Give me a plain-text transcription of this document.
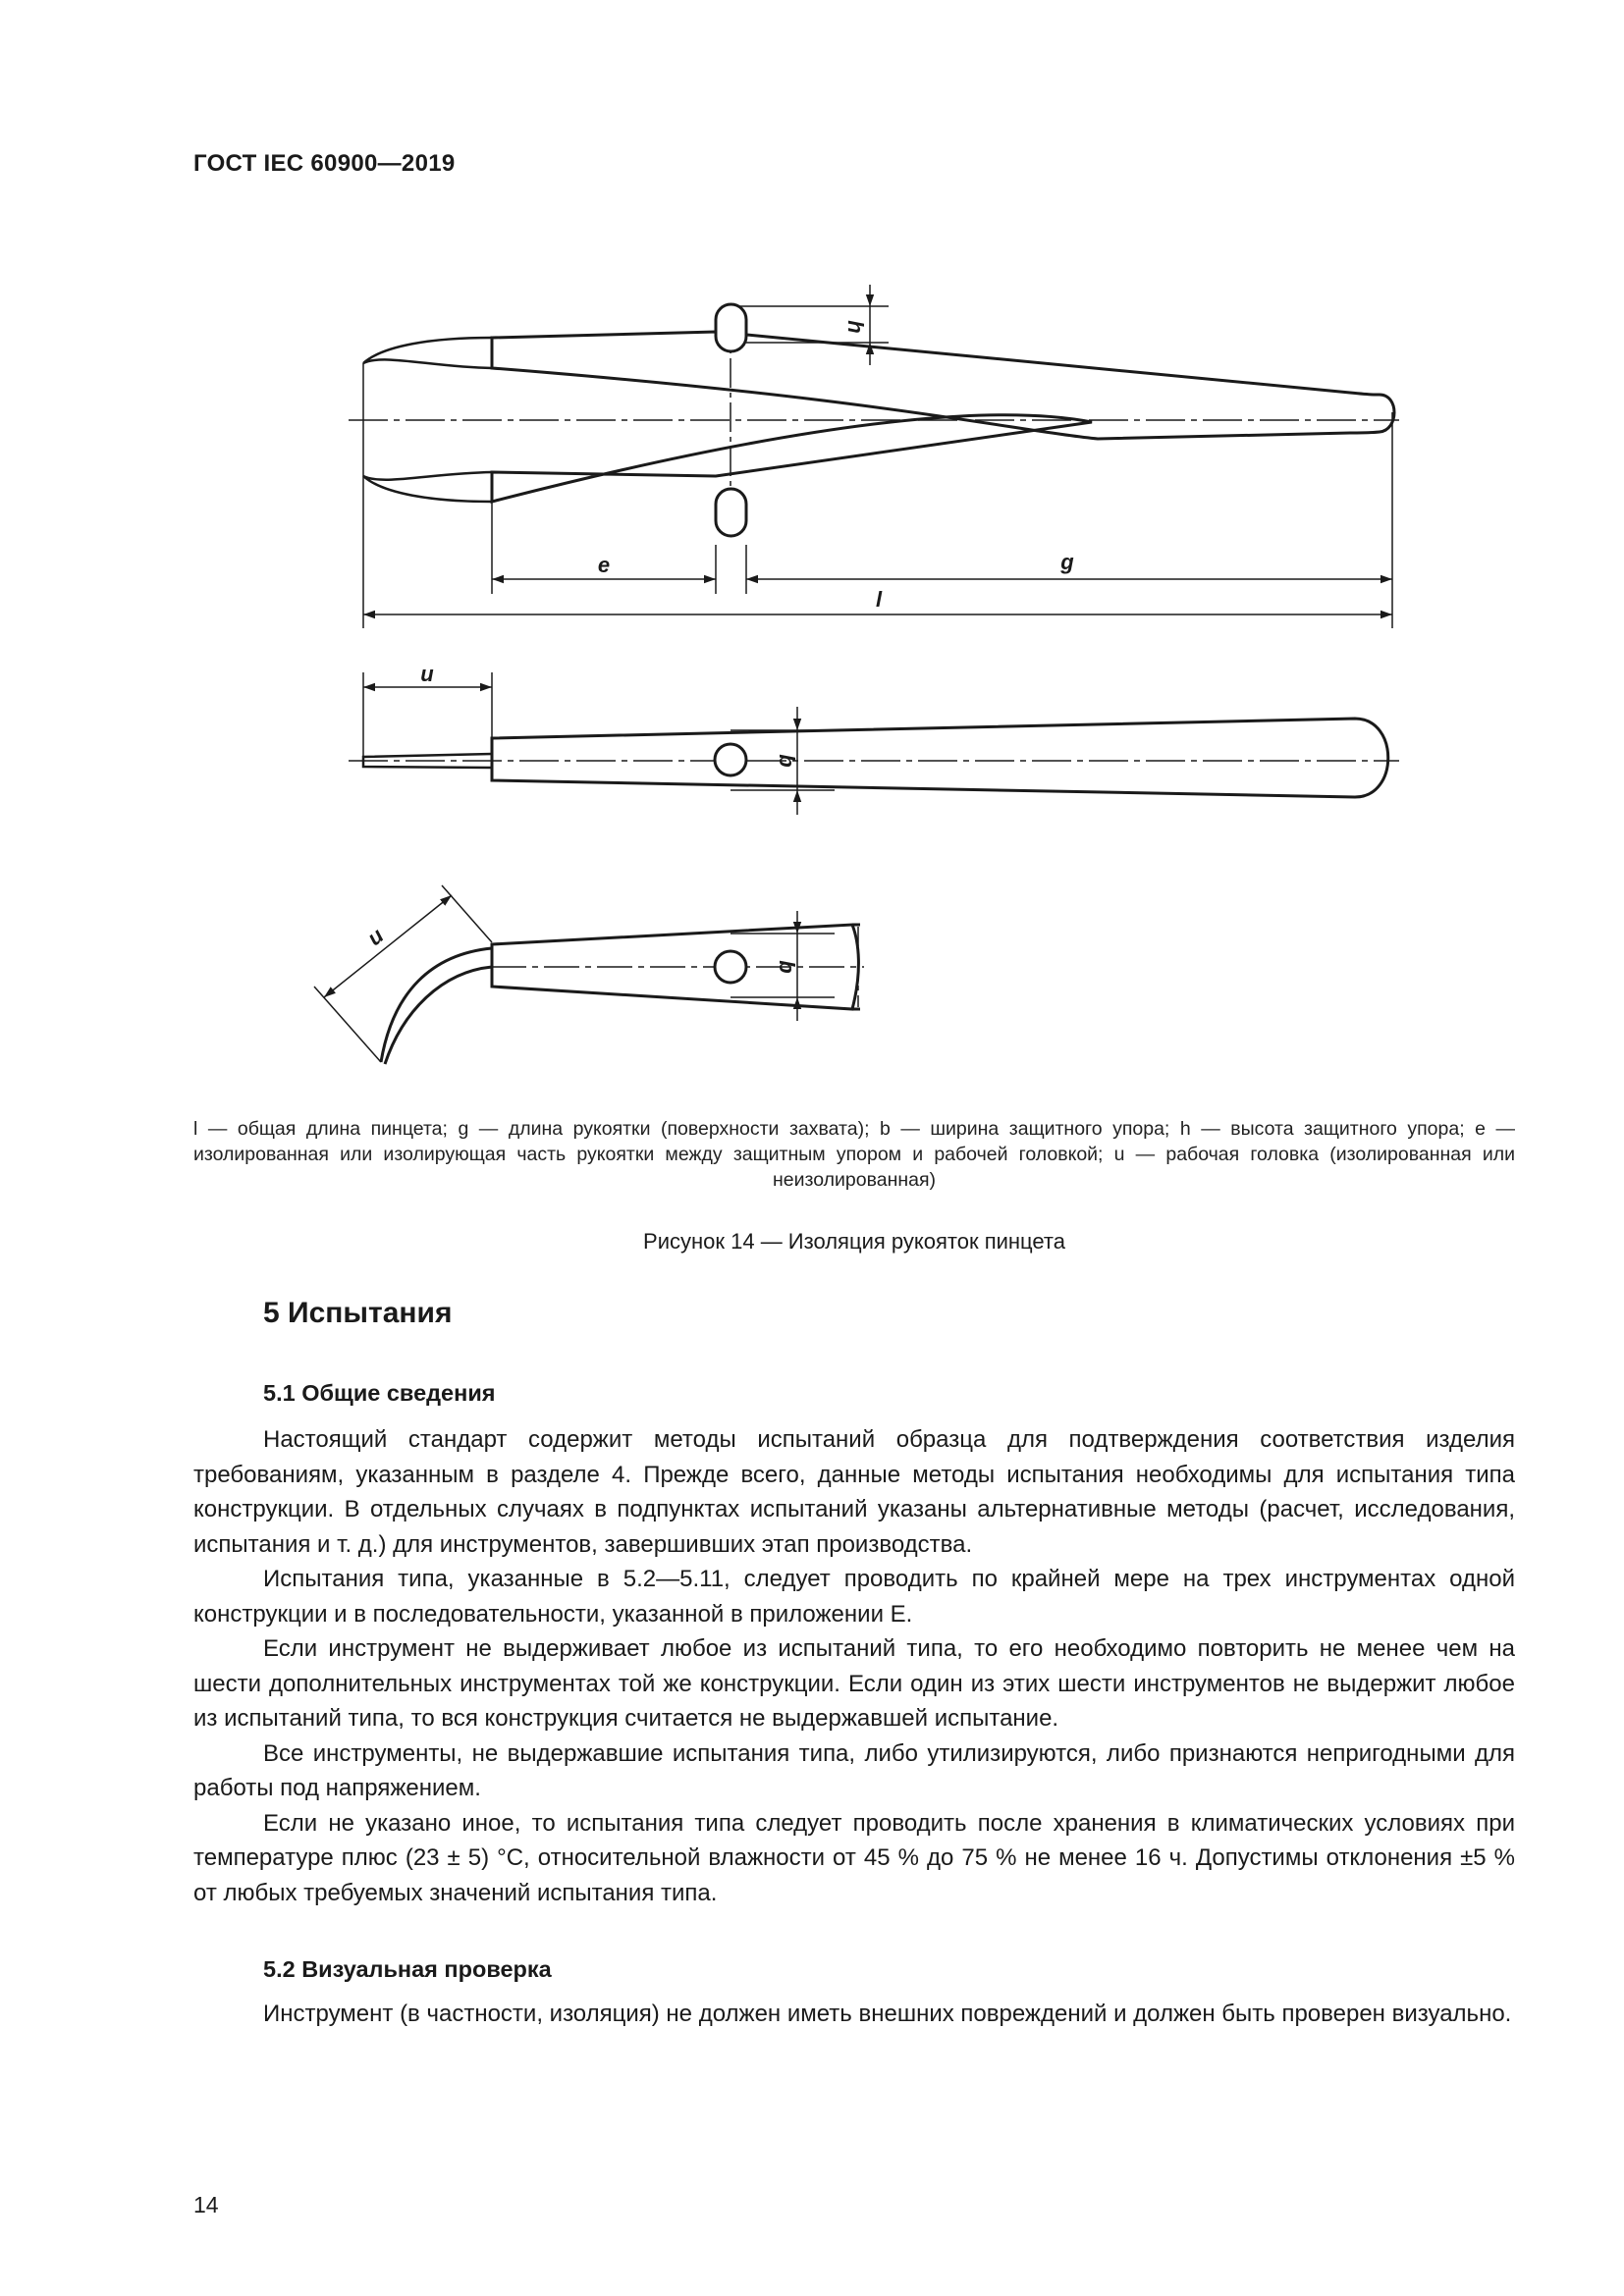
ГОСТ IEC 60900—2019
h
e	g
l
u
b
u
b
l — общая длина пинцета; g — длина рукоятки (поверхности захвата); b — ширина защитного упора; h — высота защитного упора; e — изолированная или изолирующая часть рукоятки между защитным упором и рабочей головкой; u — рабочая головка (изолированная или неизолированная)
Рисунок 14 — Изоляция рукояток пинцета
5 Испытания
5.1 Общие сведения

Настоящий стандарт содержит методы испытаний образца для подтверждения соответствия изделия требованиям, указанным в разделе 4. Прежде всего, данные методы испытания необходимы для испытания типа конструкции. В отдельных случаях в подпунктах испытаний указаны альтернативные методы (расчет, исследования, испытания и т. д.) для инструментов, завершивших этап производства.

Испытания типа, указанные в 5.2—5.11, следует проводить по крайней мере на трех инструментах одной конструкции и в последовательности, указанной в приложении Е.

Если инструмент не выдерживает любое из испытаний типа, то его необходимо повторить не менее чем на шести дополнительных инструментах той же конструкции. Если один из этих шести инструментов не выдержит любое из испытаний типа, то вся конструкция считается не выдержавшей испытание.

Все инструменты, не выдержавшие испытания типа, либо утилизируются, либо признаются непригодными для работы под напряжением.

Если не указано иное, то испытания типа следует проводить после хранения в климатических условиях при температуре плюс (23 ± 5) °С, относительной влажности от 45 % до 75 % не менее 16 ч. Допустимы отклонения ±5 % от любых требуемых значений испытания типа.

5.2 Визуальная проверка

Инструмент (в частности, изоляция) не должен иметь внешних повреждений и должен быть проверен визуально.

14
